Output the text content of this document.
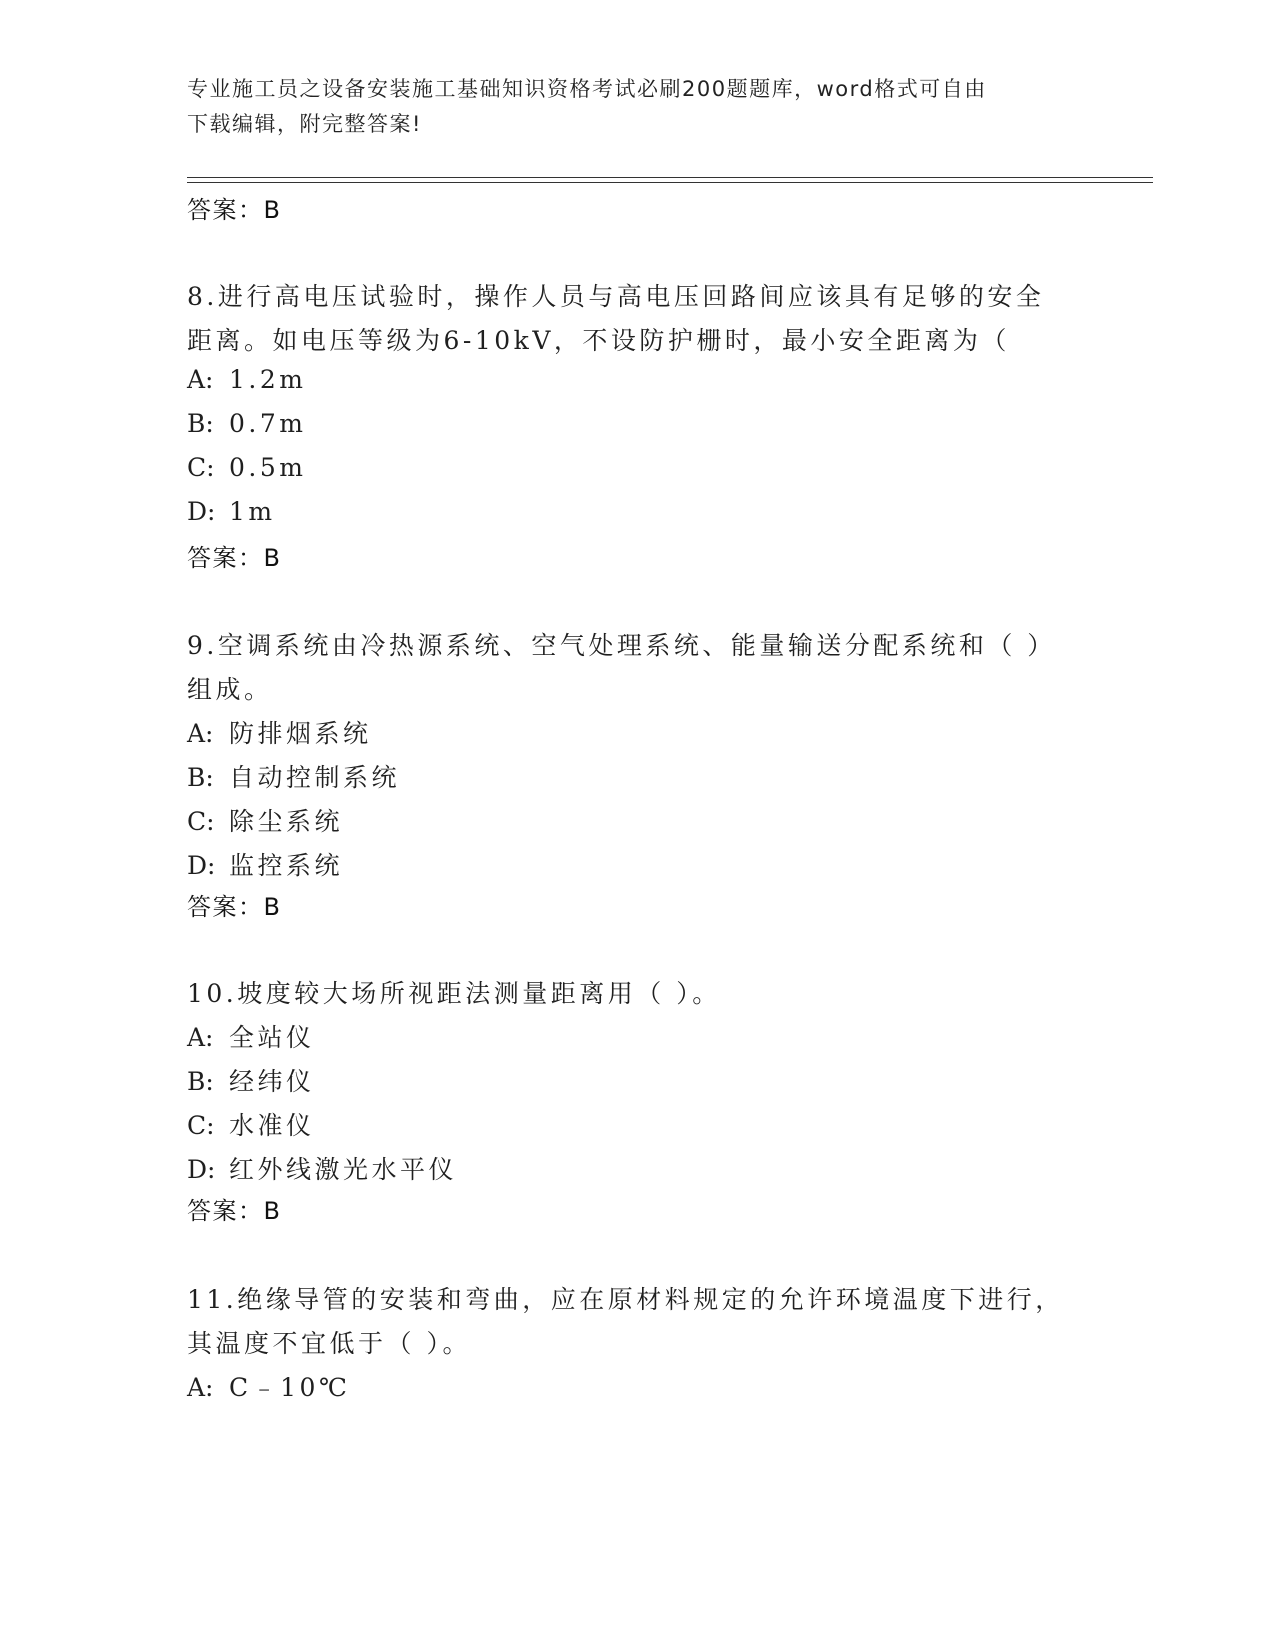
专业施工员之设备安装施工基础知识资格考试必刷200题题库，word格式可自由
下载编辑，附完整答案!
答案：B
8.进行高电压试验时，操作人员与高电压回路间应该具有足够的安全
距离。如电压等级为6-10kV，不设防护栅时，最小安全距离为（
A: 1.2m
B: 0.7m
C: 0.5m
D: 1m
答案：B
9.空调系统由冷热源系统、空气处理系统、能量输送分配系统和（ ）
组成。
A: 防排烟系统
B: 自动控制系统
C: 除尘系统
D: 监控系统
答案：B
10.坡度较大场所视距法测量距离用（ ）。
A: 全站仪
B: 经纬仪
C: 水准仪
D: 红外线激光水平仪
答案：B
11.绝缘导管的安装和弯曲，应在原材料规定的允许环境温度下进行，
其温度不宜低于（ ）。
A: C﹣10℃
